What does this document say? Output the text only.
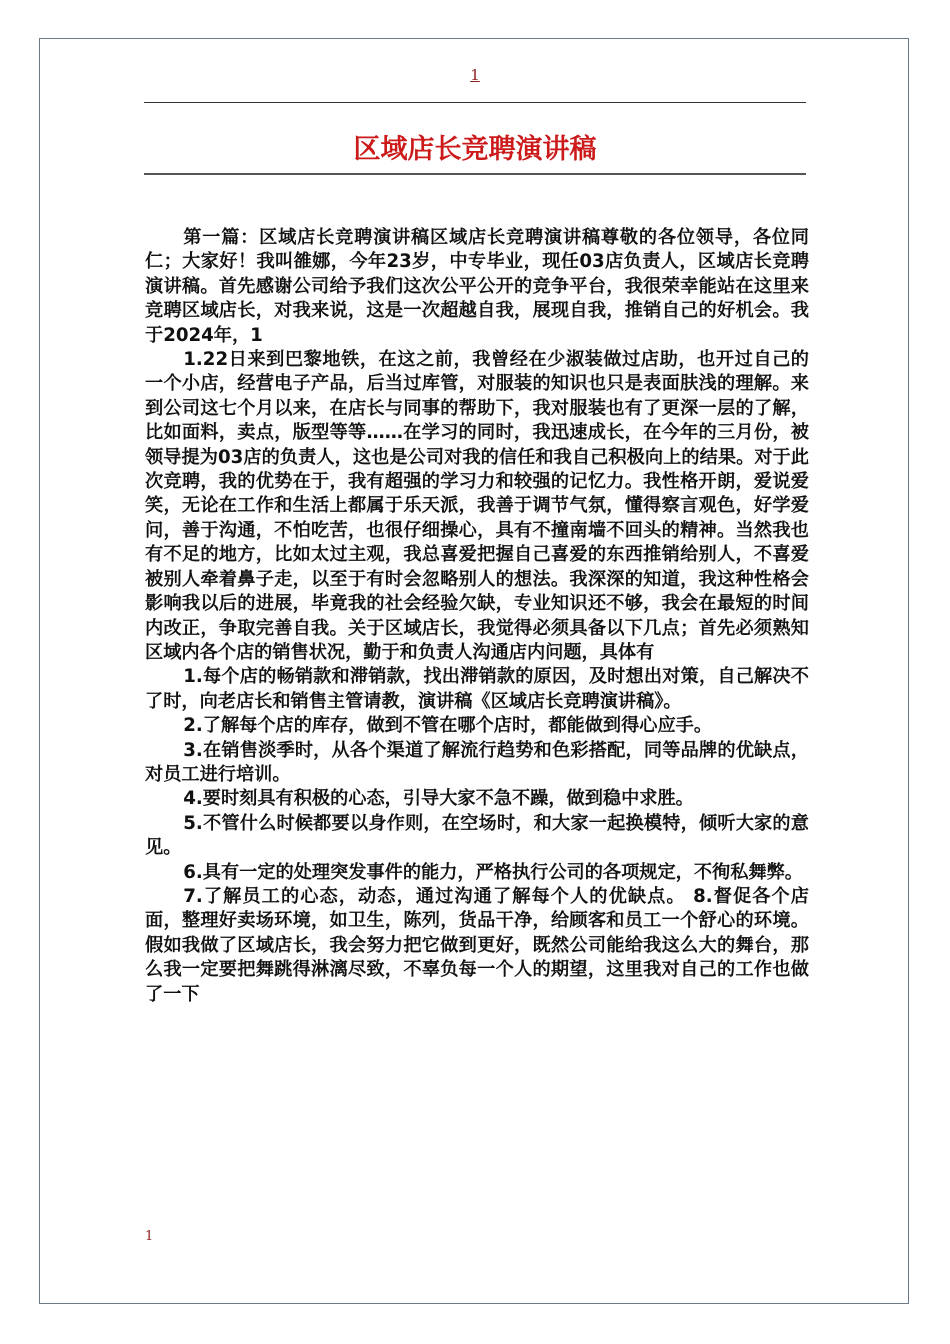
1
区域店长竞聘演讲稿

第一篇：区域店长竞聘演讲稿区域店长竞聘演讲稿尊敬的各位领导，各位同仁；大家好！我叫雒娜，今年23岁，中专毕业，现任03店负责人，区域店长竞聘演讲稿。首先感谢公司给予我们这次公平公开的竞争平台，我很荣幸能站在这里来竞聘区域店长，对我来说，这是一次超越自我，展现自我，推销自己的好机会。我于2024年，1

1.22日来到巴黎地铁，在这之前，我曾经在少淑装做过店助，也开过自己的一个小店，经营电子产品，后当过库管，对服装的知识也只是表面肤浅的理解。来到公司这七个月以来，在店长与同事的帮助下，我对服装也有了更深一层的了解，比如面料，卖点，版型等等……在学习的同时，我迅速成长，在今年的三月份，被领导提为03店的负责人，这也是公司对我的信任和我自己积极向上的结果。对于此次竞聘，我的优势在于，我有超强的学习力和较强的记忆力。我性格开朗，爱说爱笑，无论在工作和生活上都属于乐天派，我善于调节气氛，懂得察言观色，好学爱问，善于沟通，不怕吃苦，也很仔细操心，具有不撞南墙不回头的精神。当然我也有不足的地方，比如太过主观，我总喜爱把握自己喜爱的东西推销给别人，不喜爱被别人牵着鼻子走，以至于有时会忽略别人的想法。我深深的知道，我这种性格会影响我以后的进展，毕竟我的社会经验欠缺，专业知识还不够，我会在最短的时间内改正，争取完善自我。关于区域店长，我觉得必须具备以下几点；首先必须熟知区域内各个店的销售状况，勤于和负责人沟通店内问题，具体有

1.每个店的畅销款和滞销款，找出滞销款的原因，及时想出对策，自己解决不了时，向老店长和销售主管请教，演讲稿《区域店长竞聘演讲稿》。

2.了解每个店的库存，做到不管在哪个店时，都能做到得心应手。

3.在销售淡季时，从各个渠道了解流行趋势和色彩搭配，同等品牌的优缺点，对员工进行培训。

4.要时刻具有积极的心态，引导大家不急不躁，做到稳中求胜。

5.不管什么时候都要以身作则，在空场时，和大家一起换模特，倾听大家的意见。

6.具有一定的处理突发事件的能力，严格执行公司的各项规定，不徇私舞弊。

7.了解员工的心态，动态，通过沟通了解每个人的优缺点。 8.督促各个店面，整理好卖场环境，如卫生，陈列，货品干净，给顾客和员工一个舒心的环境。假如我做了区域店长，我会努力把它做到更好，既然公司能给我这么大的舞台，那么我一定要把舞跳得淋漓尽致，不辜负每一个人的期望，这里我对自己的工作也做了一下

1
